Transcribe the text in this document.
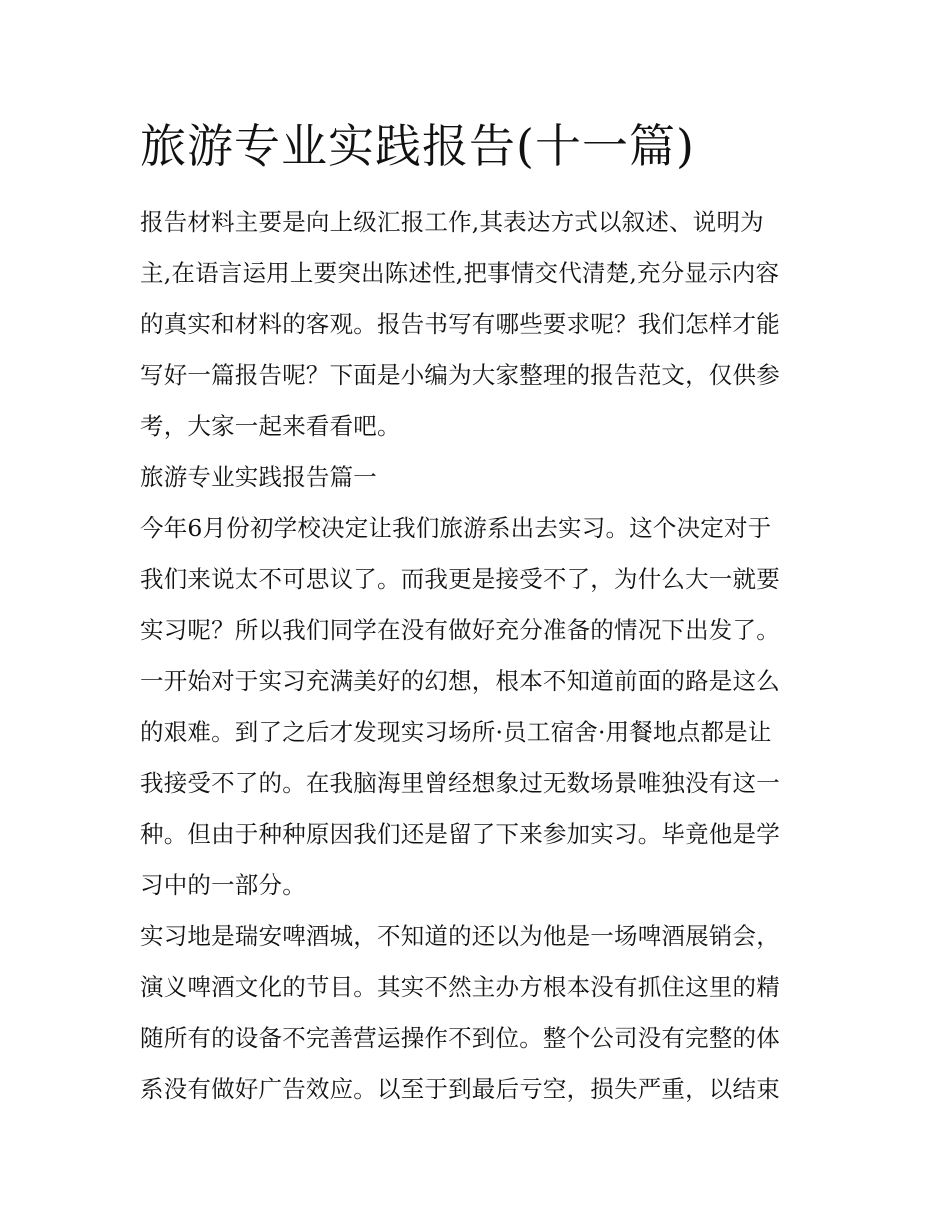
旅游专业实践报告(十一篇)
报告材料主要是向上级汇报工作,其表达方式以叙述、说明为
主,在语言运用上要突出陈述性,把事情交代清楚,充分显示内容
的真实和材料的客观。报告书写有哪些要求呢？我们怎样才能
写好一篇报告呢？下面是小编为大家整理的报告范文，仅供参
考，大家一起来看看吧。
旅游专业实践报告篇一
今年6月份初学校决定让我们旅游系出去实习。这个决定对于
我们来说太不可思议了。而我更是接受不了，为什么大一就要
实习呢？所以我们同学在没有做好充分准备的情况下出发了。
一开始对于实习充满美好的幻想，根本不知道前面的路是这么
的艰难。到了之后才发现实习场所·员工宿舍·用餐地点都是让
我接受不了的。在我脑海里曾经想象过无数场景唯独没有这一
种。但由于种种原因我们还是留了下来参加实习。毕竟他是学
习中的一部分。
实习地是瑞安啤酒城，不知道的还以为他是一场啤酒展销会，
演义啤酒文化的节目。其实不然主办方根本没有抓住这里的精
随所有的设备不完善营运操作不到位。整个公司没有完整的体
系没有做好广告效应。以至于到最后亏空，损失严重，以结束
